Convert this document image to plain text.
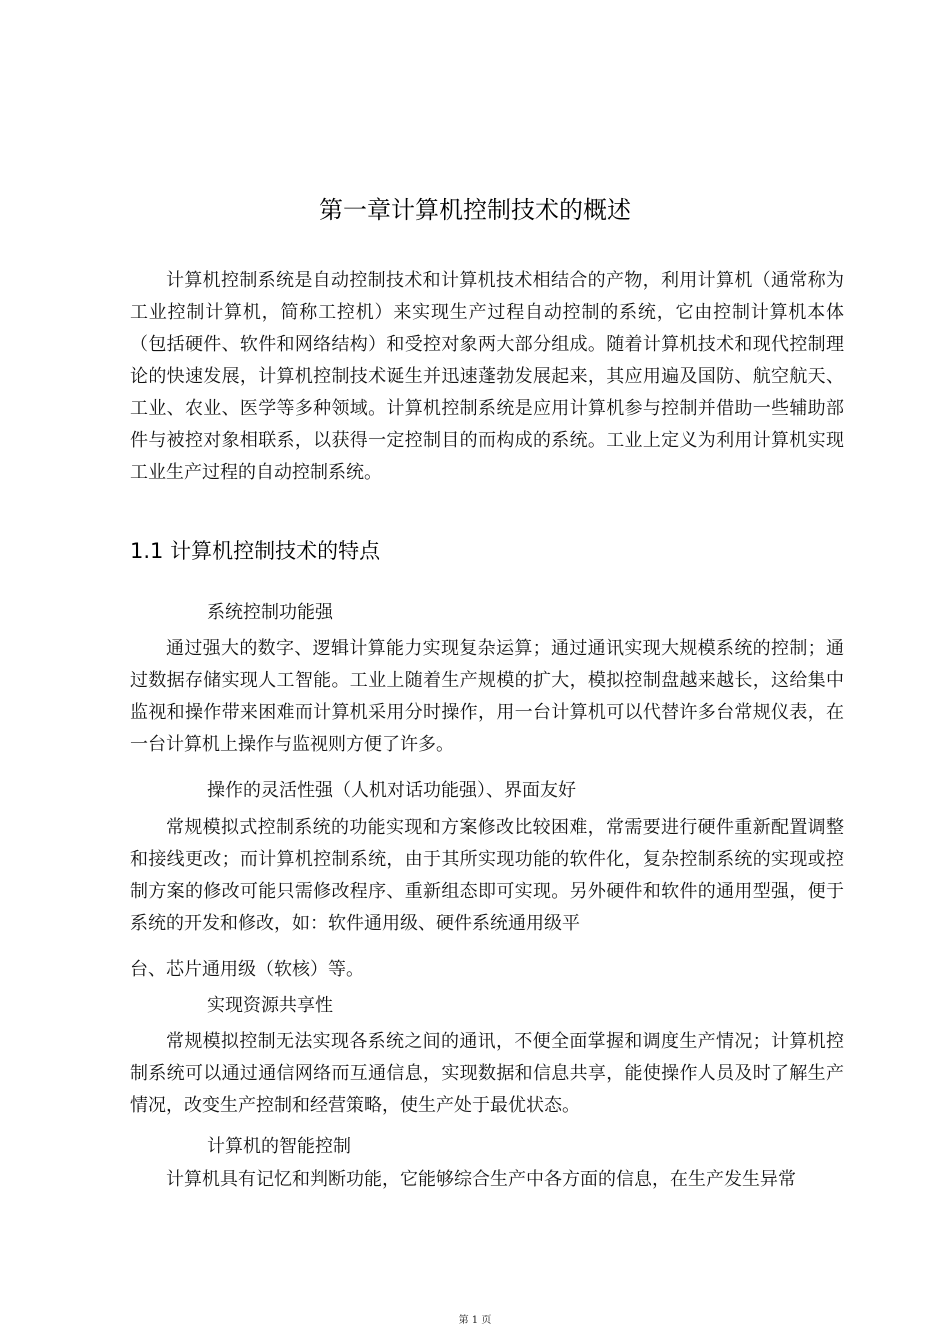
第一章计算机控制技术的概述

计算机控制系统是自动控制技术和计算机技术相结合的产物，利用计算机（通常称为工业控制计算机，简称工控机）来实现生产过程自动控制的系统，它由控制计算机本体（包括硬件、软件和网络结构）和受控对象两大部分组成。随着计算机技术和现代控制理论的快速发展，计算机控制技术诞生并迅速蓬勃发展起来，其应用遍及国防、航空航天、工业、农业、医学等多种领域。计算机控制系统是应用计算机参与控制并借助一些辅助部件与被控对象相联系，以获得一定控制目的而构成的系统。工业上定义为利用计算机实现工业生产过程的自动控制系统。

1.1 计算机控制技术的特点
系统控制功能强

通过强大的数字、逻辑计算能力实现复杂运算；通过通讯实现大规模系统的控制；通过数据存储实现人工智能。工业上随着生产规模的扩大，模拟控制盘越来越长，这给集中监视和操作带来困难而计算机采用分时操作，用一台计算机可以代替许多台常规仪表，在一台计算机上操作与监视则方便了许多。

操作的灵活性强（人机对话功能强）、界面友好

常规模拟式控制系统的功能实现和方案修改比较困难，常需要进行硬件重新配置调整和接线更改；而计算机控制系统，由于其所实现功能的软件化，复杂控制系统的实现或控制方案的修改可能只需修改程序、重新组态即可实现。另外硬件和软件的通用型强，便于系统的开发和修改，如：软件通用级、硬件系统通用级平

台、芯片通用级（软核）等。

实现资源共享性

常规模拟控制无法实现各系统之间的通讯，不便全面掌握和调度生产情况；计算机控制系统可以通过通信网络而互通信息，实现数据和信息共享，能使操作人员及时了解生产情况，改变生产控制和经营策略，使生产处于最优状态。

计算机的智能控制

计算机具有记忆和判断功能，它能够综合生产中各方面的信息，在生产发生异常

第 1 页
